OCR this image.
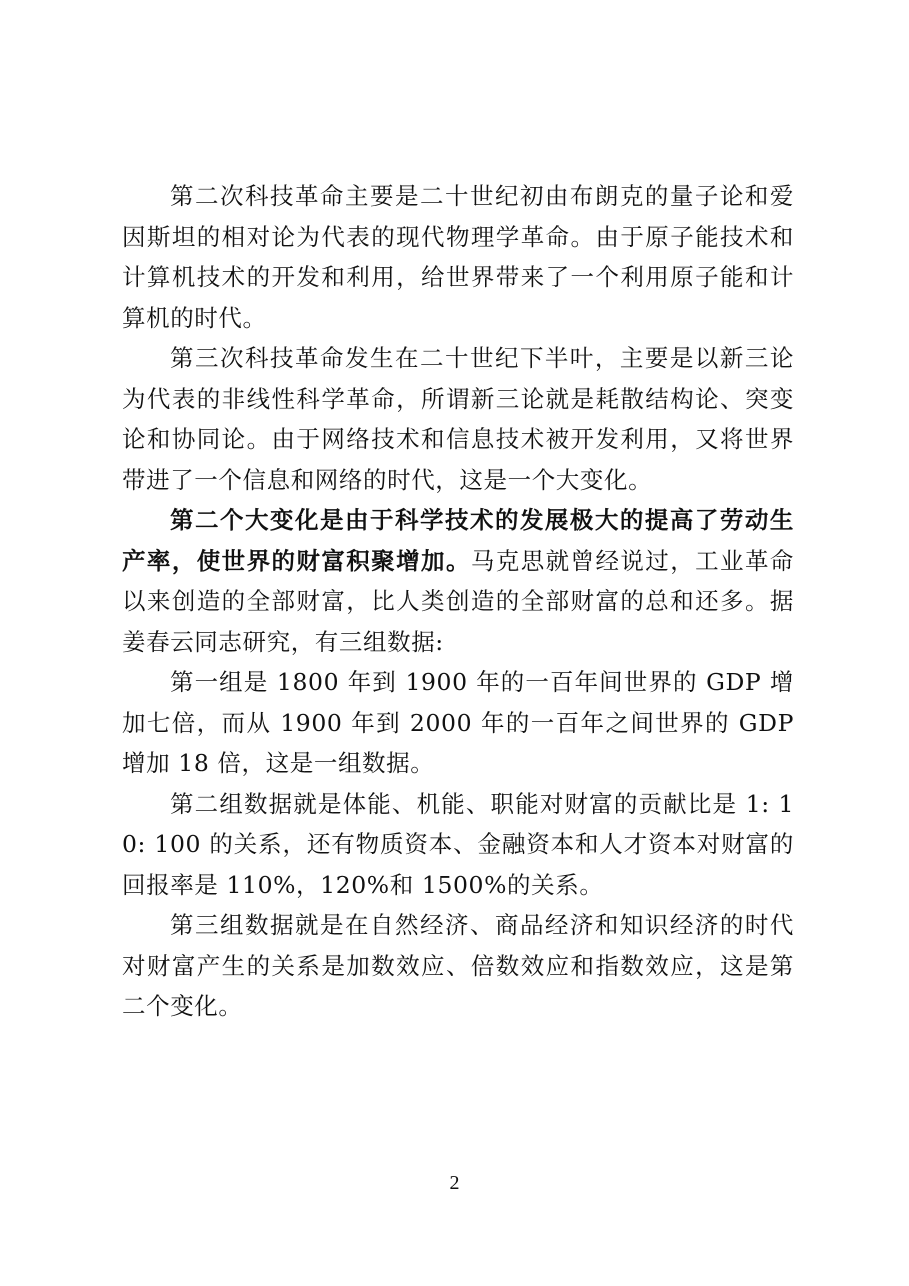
第二次科技革命主要是二十世纪初由布朗克的量子论和爱因斯坦的相对论为代表的现代物理学革命。由于原子能技术和计算机技术的开发和利用，给世界带来了一个利用原子能和计算机的时代。

第三次科技革命发生在二十世纪下半叶，主要是以新三论为代表的非线性科学革命，所谓新三论就是耗散结构论、突变论和协同论。由于网络技术和信息技术被开发利用，又将世界带进了一个信息和网络的时代，这是一个大变化。

第二个大变化是由于科学技术的发展极大的提高了劳动生产率，使世界的财富积聚增加。马克思就曾经说过，工业革命以来创造的全部财富，比人类创造的全部财富的总和还多。据姜春云同志研究，有三组数据:

第一组是 1800 年到 1900 年的一百年间世界的 GDP 增加七倍，而从 1900 年到 2000 年的一百年之间世界的 GDP 增加 18 倍，这是一组数据。

第二组数据就是体能、机能、职能对财富的贡献比是 1: 10: 100 的关系，还有物质资本、金融资本和人才资本对财富的回报率是 110%，120%和 1500%的关系。

第三组数据就是在自然经济、商品经济和知识经济的时代对财富产生的关系是加数效应、倍数效应和指数效应，这是第二个变化。

2
